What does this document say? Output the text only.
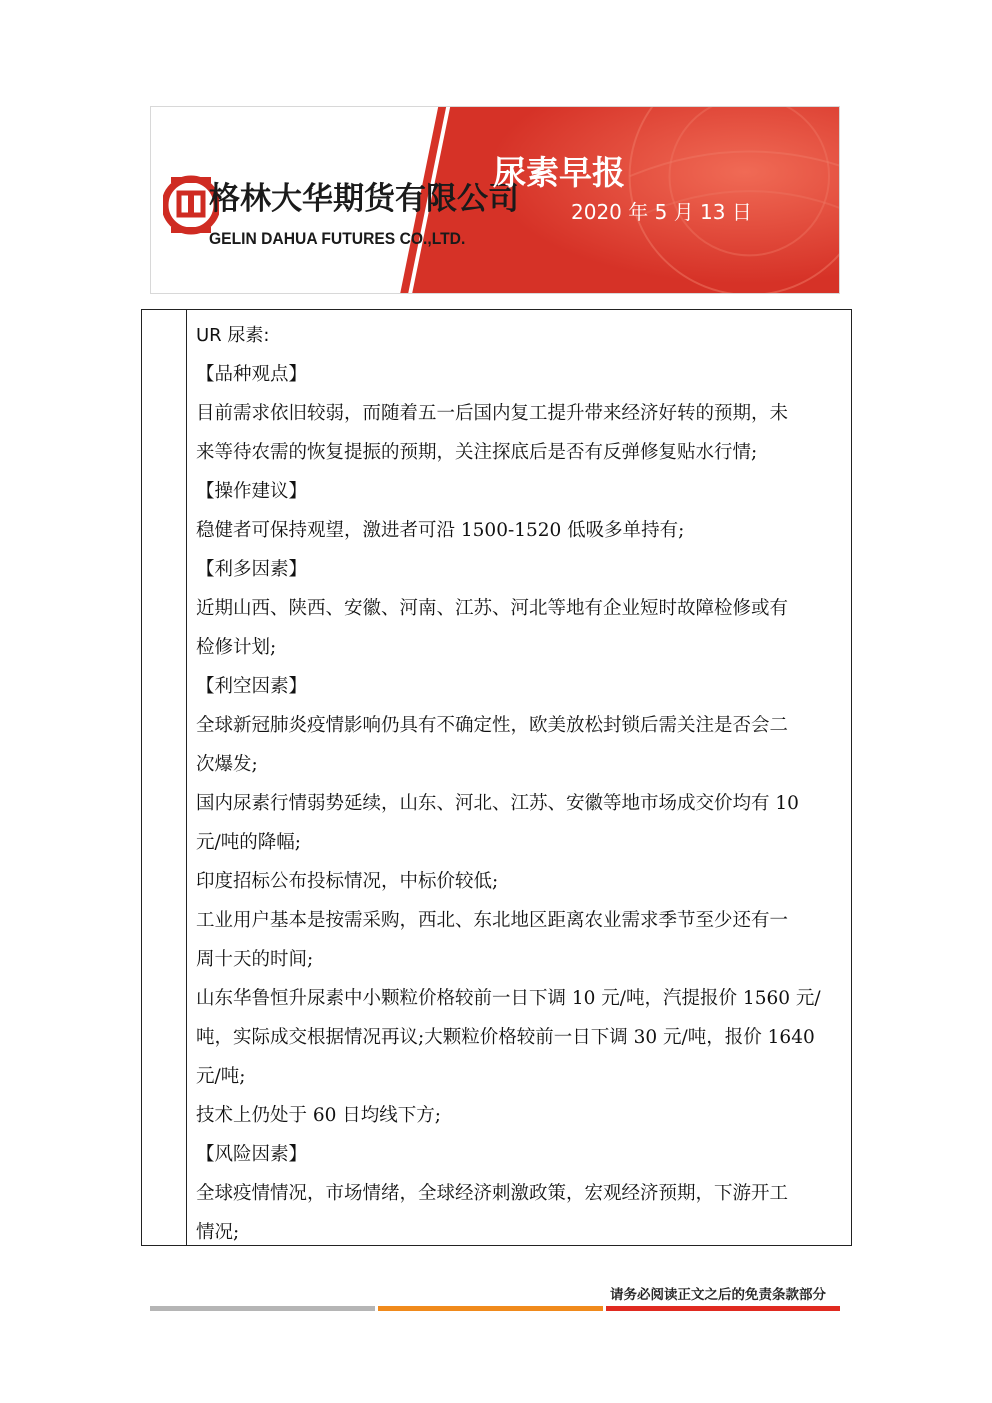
格林大华期货有限公司
GELIN DAHUA FUTURES CO.,LTD.
尿素早报
2020 年 5 月 13 日
UR 尿素:
【品种观点】
目前需求依旧较弱，而随着五一后国内复工提升带来经济好转的预期，未
来等待农需的恢复提振的预期，关注探底后是否有反弹修复贴水行情;
【操作建议】
稳健者可保持观望，激进者可沿 1500-1520 低吸多单持有;
【利多因素】
近期山西、陕西、安徽、河南、江苏、河北等地有企业短时故障检修或有
检修计划;
【利空因素】
全球新冠肺炎疫情影响仍具有不确定性，欧美放松封锁后需关注是否会二
次爆发;
国内尿素行情弱势延续，山东、河北、江苏、安徽等地市场成交价均有 10
元/吨的降幅;
印度招标公布投标情况，中标价较低;
工业用户基本是按需采购，西北、东北地区距离农业需求季节至少还有一
周十天的时间;
山东华鲁恒升尿素中小颗粒价格较前一日下调 10 元/吨，汽提报价 1560 元/
吨，实际成交根据情况再议;大颗粒价格较前一日下调 30 元/吨，报价 1640
元/吨;
技术上仍处于 60 日均线下方;
【风险因素】
全球疫情情况，市场情绪，全球经济刺激政策，宏观经济预期，下游开工
情况;
请务必阅读正文之后的免责条款部分
